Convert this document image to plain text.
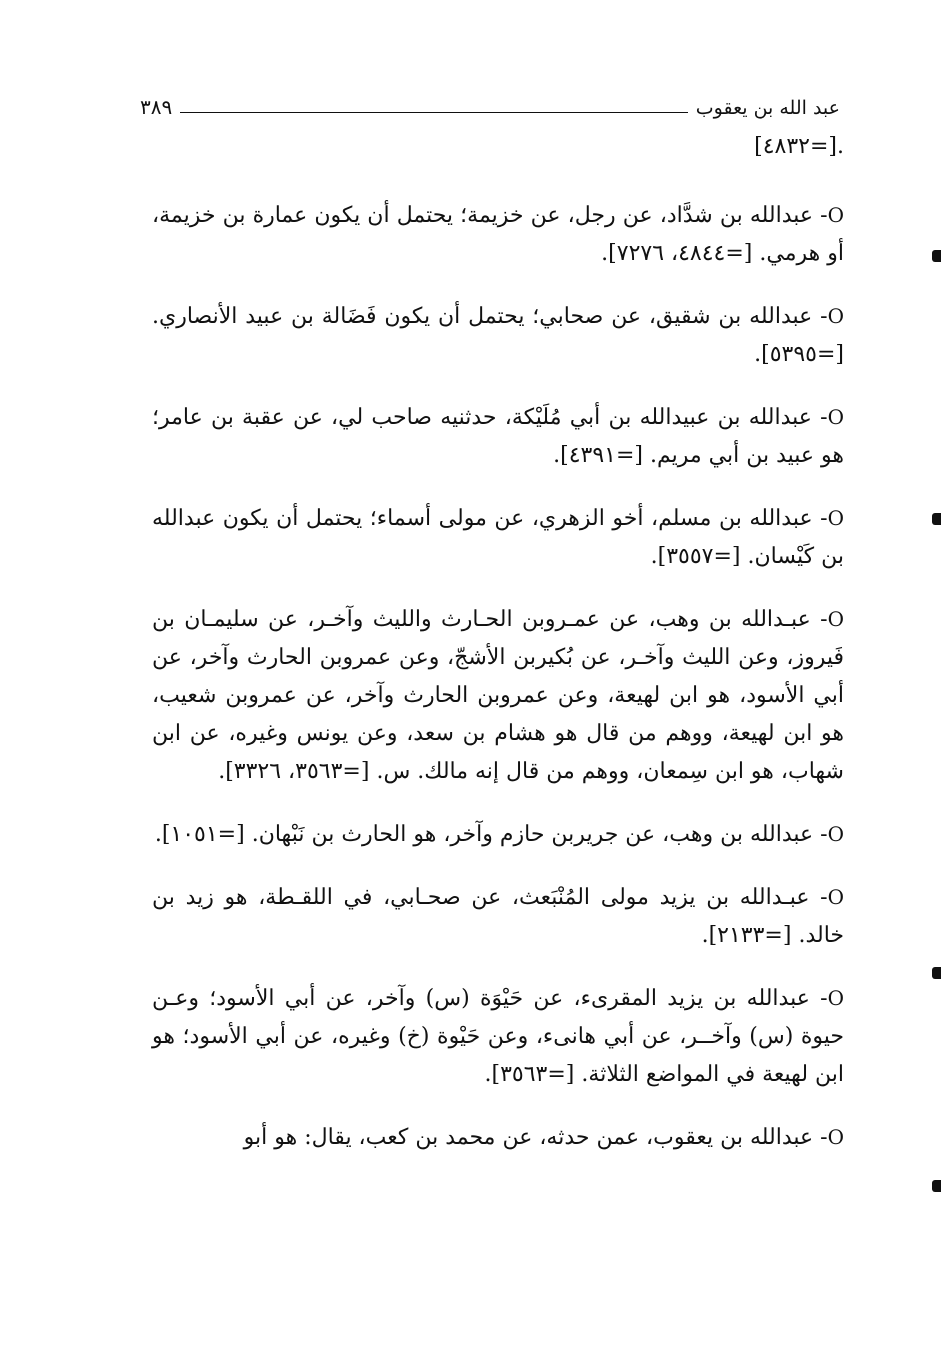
عبد الله بن يعقوب
٣٨٩

.[=٤٨٣٢]

O- عبدالله بن شدَّاد، عن رجل، عن خزيمة؛ يحتمل أن يكون عمارة بن خزيمة، أو هرمي. [=٤٨٤٤، ٧٢٧٦].

O- عبدالله بن شقيق، عن صحابي؛ يحتمل أن يكون فَضَالة بن عبيد الأنصاري. [=٥٣٩٥].

O- عبدالله بن عبيدالله بن أبي مُلَيْكة، حدثنيه صاحب لي، عن عقبة بن عامر؛ هو عبيد بن أبي مريم. [=٤٣٩١].

O- عبدالله بن مسلم، أخو الزهري، عن مولى أسماء؛ يحتمل أن يكون عبدالله بن كَيْسان. [=٣٥٥٧].

O- عبـدالله بن وهب، عن عمـروبن الحـارث والليث وآخـر، عن سليمـان بن فَيروز، وعن الليث وآخـر، عن بُكيربن الأشجّ، وعن عمروبن الحارث وآخر، عن أبي الأسود، هو ابن لهيعة، وعن عمروبن الحارث وآخر، عن عمروبن شعيب، هو ابن لهيعة، ووهم من قال هو هشام بن سعد، وعن يونس وغيره، عن ابن شهاب، هو ابن سِمعان، ووهم من قال إنه مالك. س. [=٣٥٦٣، ٣٣٢٦].

O- عبدالله بن وهب، عن جريربن حازم وآخر، هو الحارث بن نَبْهان. [=١٠٥١].

O- عبـدالله بن يزيد مولى المُنْبَعث، عن صحـابي، في اللقـطة، هو زيد بن خالد. [=٢١٣٣].

O- عبدالله بن يزيد المقرىء، عن حَيْوَة (س) وآخر، عن أبي الأسود؛ وعـن حيوة (س) وآخــر، عن أبي هانىء، وعن حَيْوة (خ) وغيره، عن أبي الأسود؛ هو ابن لهيعة في المواضع الثلاثة. [=٣٥٦٣].

O- عبدالله بن يعقوب، عمن حدثه، عن محمد بن كعب، يقال: هو أبو
